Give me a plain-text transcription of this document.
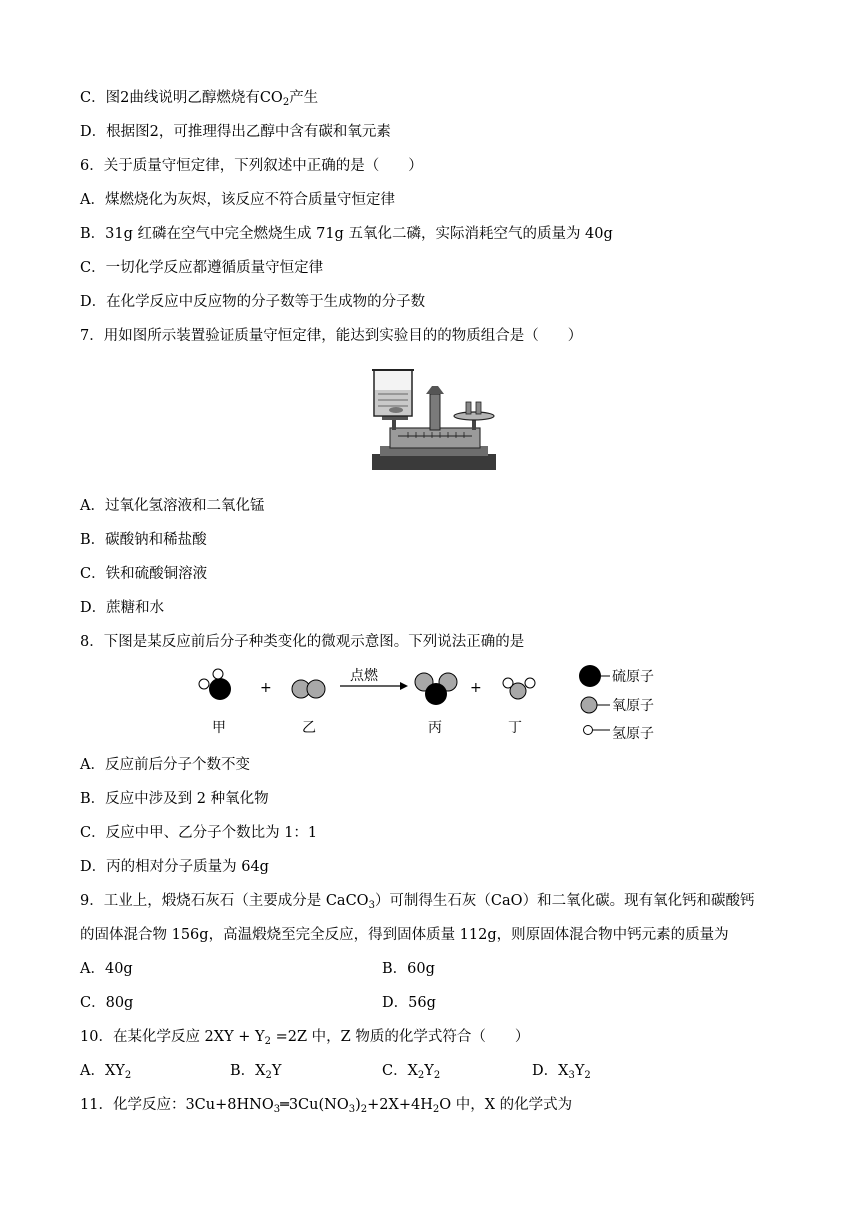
C．图2曲线说明乙醇燃烧有$CO_2$产生
D．根据图2，可推理得出乙醇中含有碳和氧元素
6．关于质量守恒定律，下列叙述中正确的是（　　）
A．煤燃烧化为灰烬，该反应不符合质量守恒定律
B．31g 红磷在空气中完全燃烧生成 71g 五氧化二磷，实际消耗空气的质量为 40g
C．一切化学反应都遵循质量守恒定律
D．在化学反应中反应物的分子数等于生成物的分子数
7．用如图所示装置验证质量守恒定律，能达到实验目的的物质组合是（　　）
A．过氧化氢溶液和二氧化锰
B．碳酸钠和稀盐酸
C．铁和硫酸铜溶液
D．蔗糖和水
8．下图是某反应前后分子种类变化的微观示意图。下列说法正确的是
甲
+
乙
点燃
丙
+
丁
硫原子
氧原子
氢原子
A．反应前后分子个数不变
B．反应中涉及到 2 种氧化物
C．反应中甲、乙分子个数比为 1：1
D．丙的相对分子质量为 64g
9．工业上，煅烧石灰石（主要成分是 CaCO$_3$）可制得生石灰（CaO）和二氧化碳。现有氧化钙和碳酸钙
的固体混合物 156g，高温煅烧至完全反应，得到固体质量 112g，则原固体混合物中钙元素的质量为
A．40g	B．60g
C．80g	D．56g
10．在某化学反应 $2XY + Y_2 =2Z$ 中，Z 物质的化学式符合（　　）
A．$XY_2$	B．$X_2Y$	C．$X_2Y_2$	D．$X_3Y_2$
11．化学反应：$3Cu+8HNO_3═3Cu(NO_3)_2+2X+4H_2O$ 中，X 的化学式为
